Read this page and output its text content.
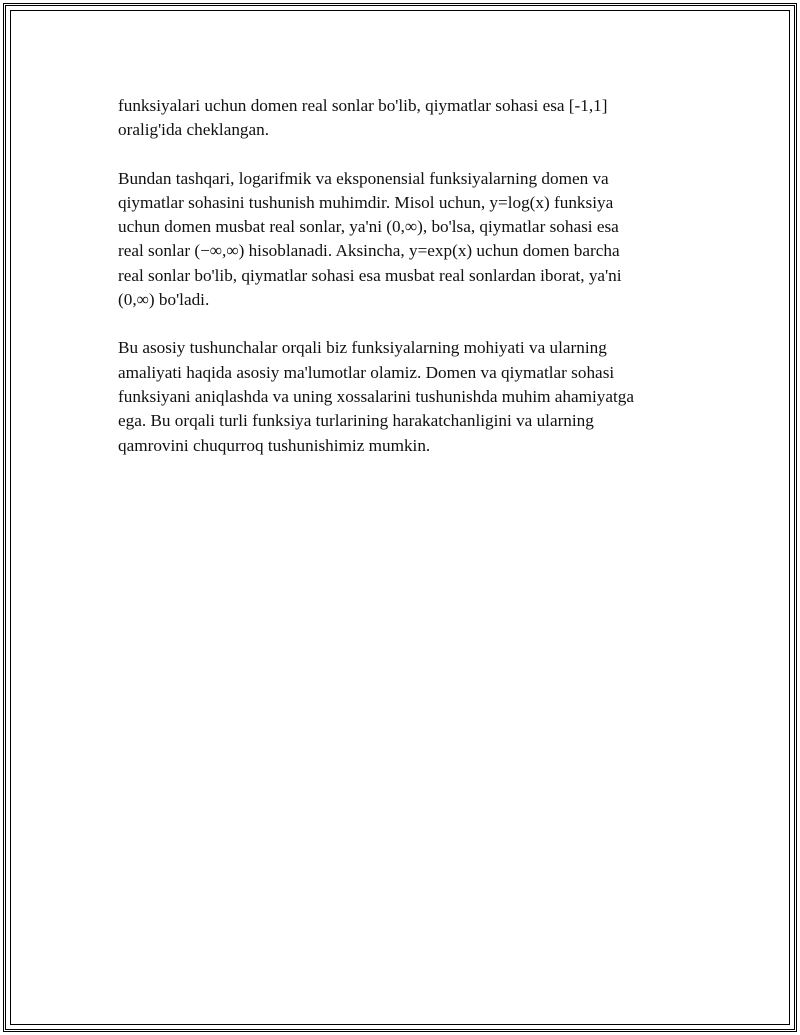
funksiyalari uchun domen real sonlar bo'lib, qiymatlar sohasi esa [-1,1]
oralig'ida cheklangan.

Bundan tashqari, logarifmik va eksponensial funksiyalarning domen va
qiymatlar sohasini tushunish muhimdir. Misol uchun, y=log(x) funksiya
uchun domen musbat real sonlar, ya'ni (0,∞), bo'lsa, qiymatlar sohasi esa
real sonlar (−∞,∞) hisoblanadi. Aksincha, y=exp(x) uchun domen barcha
real sonlar bo'lib, qiymatlar sohasi esa musbat real sonlardan iborat, ya'ni
(0,∞) bo'ladi.

Bu asosiy tushunchalar orqali biz funksiyalarning mohiyati va ularning
amaliyati haqida asosiy ma'lumotlar olamiz. Domen va qiymatlar sohasi
funksiyani aniqlashda va uning xossalarini tushunishda muhim ahamiyatga
ega. Bu orqali turli funksiya turlarining harakatchanligini va ularning
qamrovini chuqurroq tushunishimiz mumkin.
